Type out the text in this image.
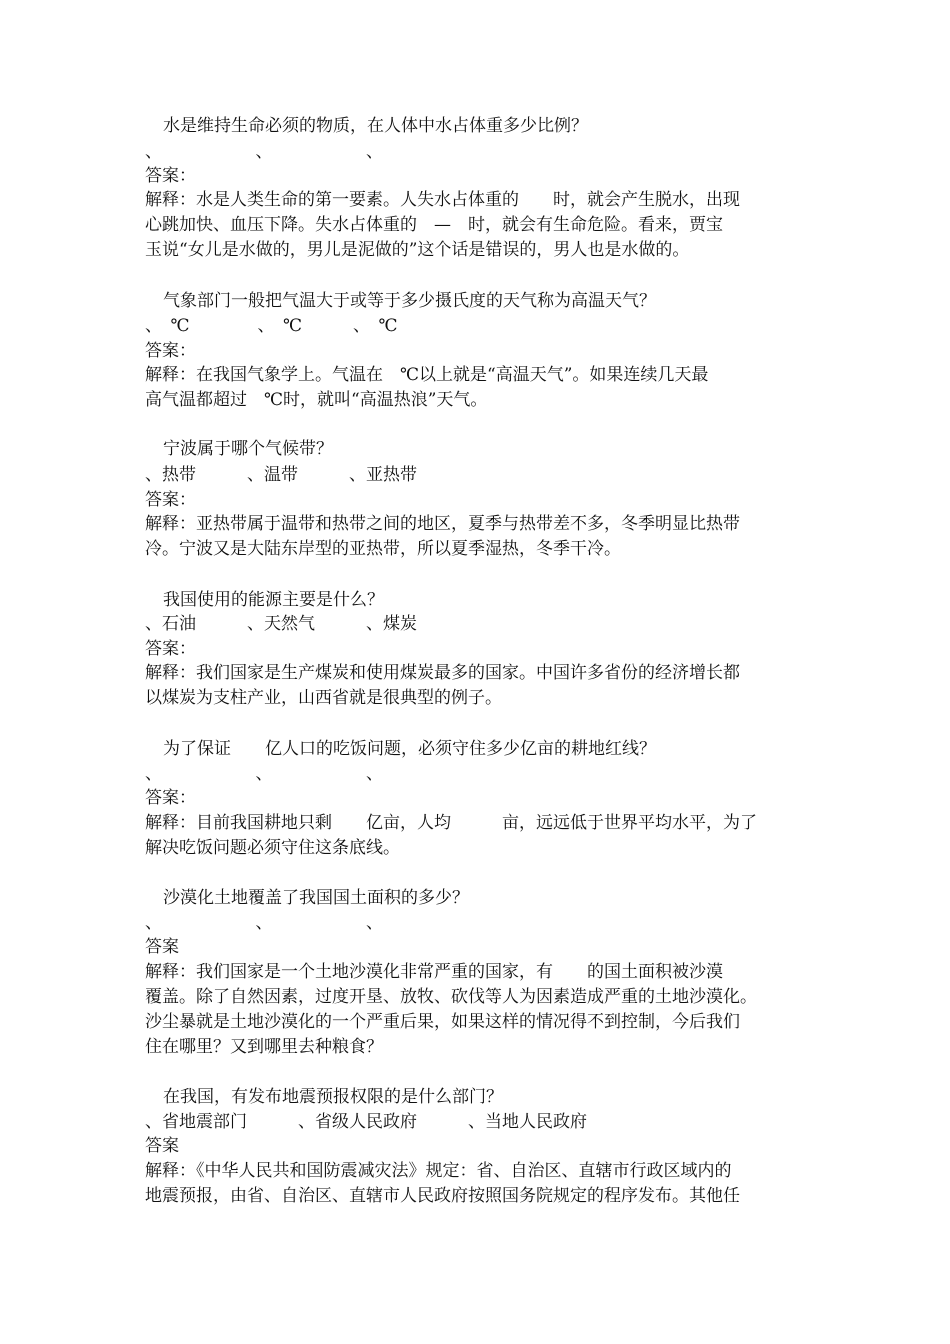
水是维持生命必须的物质，在人体中水占体重多少比例？
、　　　　　　、　　　　　　、
答案：
解释：水是人类生命的第一要素。人失水占体重的　　时，就会产生脱水，出现
心跳加快、血压下降。失水占体重的　—　时，就会有生命危险。看来，贾宝
玉说“女儿是水做的，男儿是泥做的”这个话是错误的，男人也是水做的。
气象部门一般把气温大于或等于多少摄氏度的天气称为高温天气？
、　℃　　　　、　℃　　　、　℃
答案：
解释：在我国气象学上。气温在　℃以上就是“高温天气”。如果连续几天最
高气温都超过　℃时，就叫“高温热浪”天气。
宁波属于哪个气候带？
、热带　　　、温带　　　、亚热带
答案：
解释：亚热带属于温带和热带之间的地区，夏季与热带差不多，冬季明显比热带
冷。宁波又是大陆东岸型的亚热带，所以夏季湿热，冬季干冷。
我国使用的能源主要是什么？
、石油　　　、天然气　　　、煤炭
答案：
解释：我们国家是生产煤炭和使用煤炭最多的国家。中国许多省份的经济增长都
以煤炭为支柱产业，山西省就是很典型的例子。
为了保证　　亿人口的吃饭问题，必须守住多少亿亩的耕地红线？
、　　　　　　、　　　　　　、
答案：
解释：目前我国耕地只剩　　亿亩，人均　　　亩，远远低于世界平均水平，为了
解决吃饭问题必须守住这条底线。
沙漠化土地覆盖了我国国土面积的多少？
、　　　　　　、　　　　　　、
答案
解释：我们国家是一个土地沙漠化非常严重的国家，有　　的国土面积被沙漠
覆盖。除了自然因素，过度开垦、放牧、砍伐等人为因素造成严重的土地沙漠化。
沙尘暴就是土地沙漠化的一个严重后果，如果这样的情况得不到控制，今后我们
住在哪里？又到哪里去种粮食？
在我国，有发布地震预报权限的是什么部门？
、省地震部门　　　、省级人民政府　　　、当地人民政府
答案
解释：《中华人民共和国防震减灾法》规定：省、自治区、直辖市行政区域内的
地震预报，由省、自治区、直辖市人民政府按照国务院规定的程序发布。其他任
